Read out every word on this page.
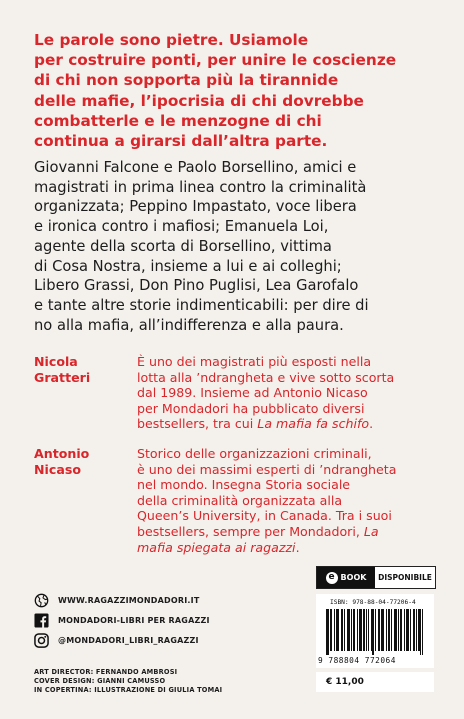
Le parole sono pietre. Usiamole
per costruire ponti, per unire le coscienze
di chi non sopporta più la tirannide
delle mafie, l’ipocrisia di chi dovrebbe
combatterle e le menzogne di chi
continua a girarsi dall’altra parte.
Giovanni Falcone e Paolo Borsellino, amici e
magistrati in prima linea contro la criminalità
organizzata; Peppino Impastato, voce libera
e ironica contro i mafiosi; Emanuela Loi,
agente della scorta di Borsellino, vittima
di Cosa Nostra, insieme a lui e ai colleghi;
Libero Grassi, Don Pino Puglisi, Lea Garofalo
e tante altre storie indimenticabili: per dire di
no alla mafia, all’indifferenza e alla paura.
Nicola
Gratteri
È uno dei magistrati più esposti nella
lotta alla ’ndrangheta e vive sotto scorta
dal 1989. Insieme ad Antonio Nicaso
per Mondadori ha pubblicato diversi
bestsellers, tra cui La mafia fa schifo.
Antonio
Nicaso
Storico delle organizzazioni criminali,
è uno dei massimi esperti di ’ndrangheta
nel mondo. Insegna Storia sociale
della criminalità organizzata alla
Queen’s University, in Canada. Tra i suoi
bestsellers, sempre per Mondadori, La
mafia spiegata ai ragazzi.
e BOOK	DISPONIBILE
WWW.RAGAZZIMONDADORI.IT
MONDADORI-LIBRI PER RAGAZZI
@MONDADORI_LIBRI_RAGAZZI
ISBN: 978-88-04-77206-4
9 788804 772064
ART DIRECTOR: FERNANDO AMBROSI
COVER DESIGN: GIANNI CAMUSSO
IN COPERTINA: ILLUSTRAZIONE DI GIULIA TOMAI
€ 11,00
